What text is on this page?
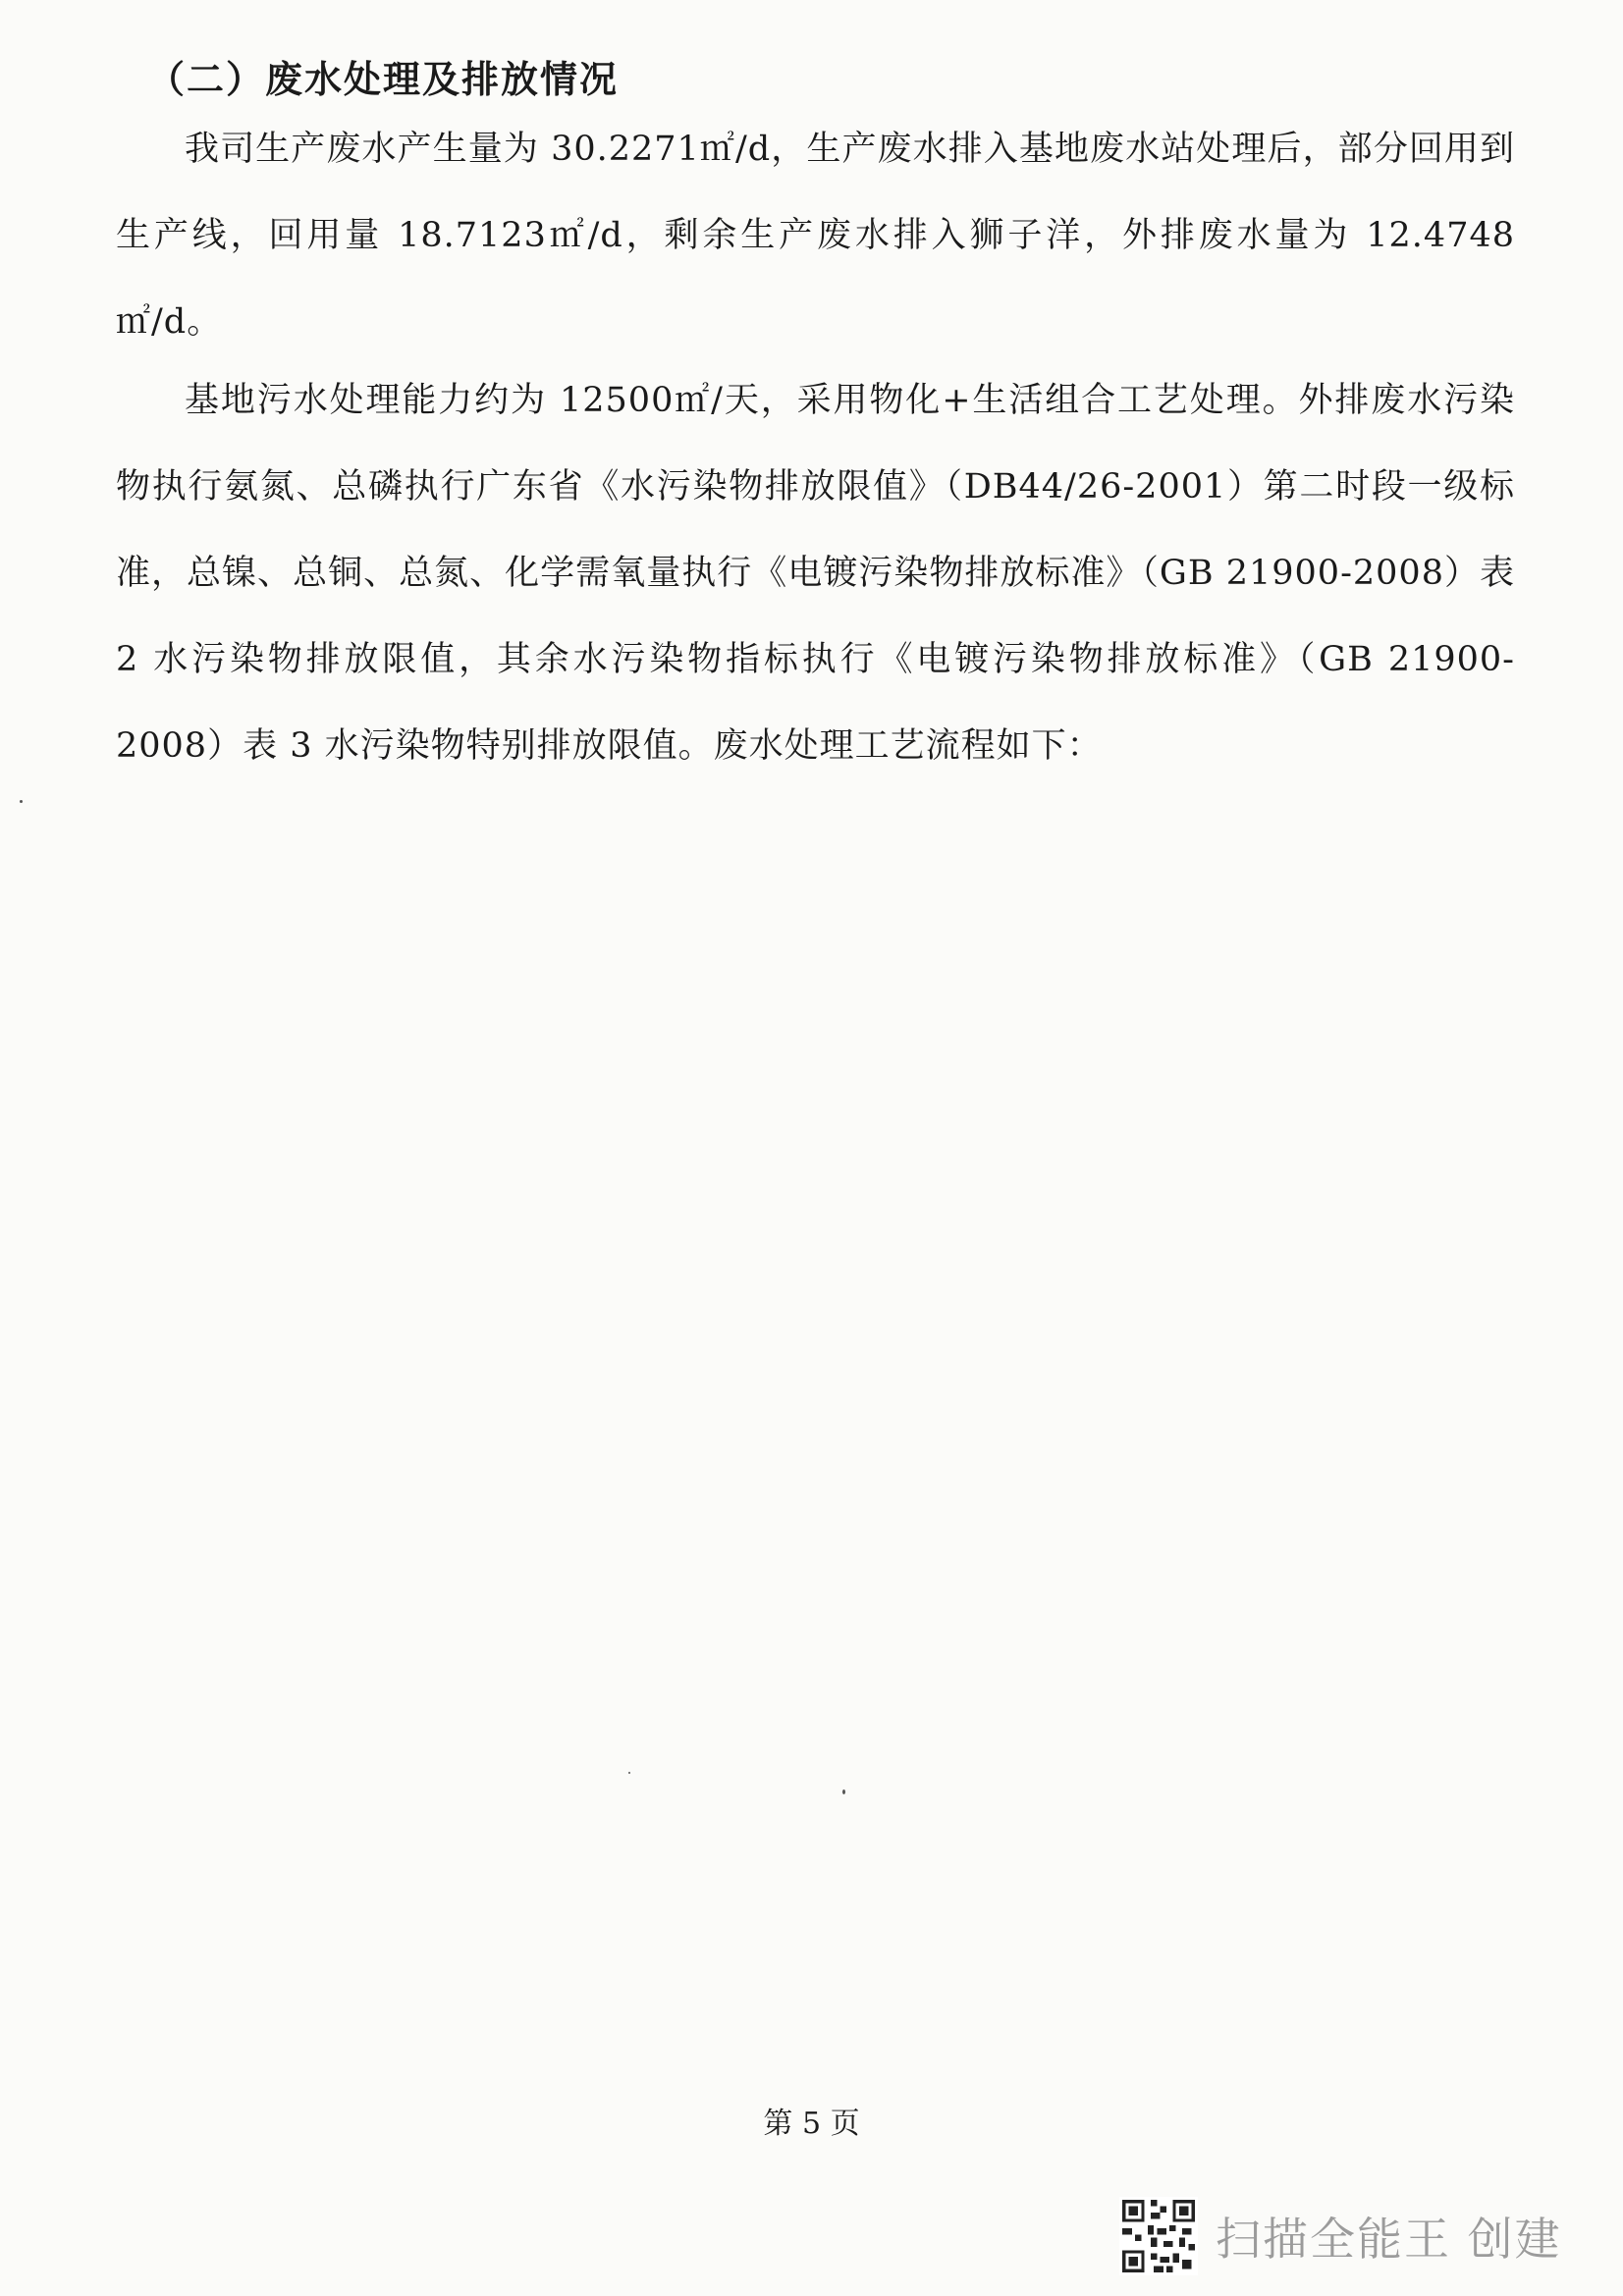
（二）废水处理及排放情况

我司生产废水产生量为 30.2271㎡/d，生产废水排入基地废水站处理后，部分回用到生产线，回用量 18.7123㎡/d，剩余生产废水排入狮子洋，外排废水量为 12.4748㎡/d。

基地污水处理能力约为 12500㎡/天，采用物化+生活组合工艺处理。外排废水污染物执行氨氮、总磷执行广东省《水污染物排放限值》（DB44/26-2001）第二时段一级标准，总镍、总铜、总氮、化学需氧量执行《电镀污染物排放标准》（GB 21900-2008）表 2 水污染物排放限值，其余水污染物指标执行《电镀污染物排放标准》（GB 21900-2008）表 3 水污染物特别排放限值。废水处理工艺流程如下：

第 5 页

扫描全能王 创建
